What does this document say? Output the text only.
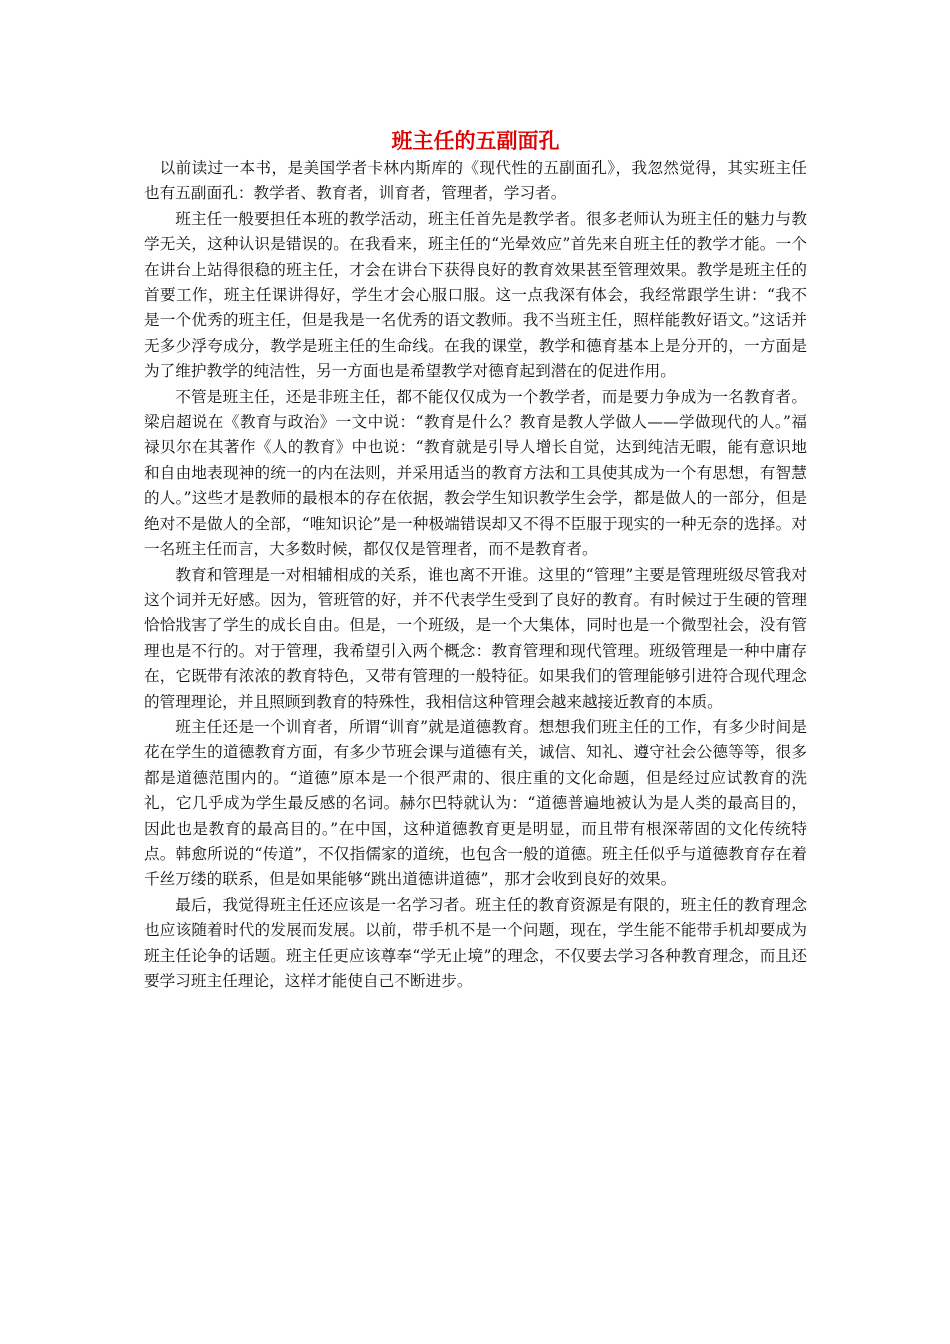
班主任的五副面孔

以前读过一本书，是美国学者卡林内斯库的《现代性的五副面孔》，我忽然觉得，其实班主任也有五副面孔：教学者、教育者，训育者，管理者，学习者。

班主任一般要担任本班的教学活动，班主任首先是教学者。很多老师认为班主任的魅力与教学无关，这种认识是错误的。在我看来，班主任的“光晕效应”首先来自班主任的教学才能。一个在讲台上站得很稳的班主任，才会在讲台下获得良好的教育效果甚至管理效果。教学是班主任的首要工作，班主任课讲得好，学生才会心服口服。这一点我深有体会，我经常跟学生讲：“我不是一个优秀的班主任，但是我是一名优秀的语文教师。我不当班主任，照样能教好语文。”这话并无多少浮夸成分，教学是班主任的生命线。在我的课堂，教学和德育基本上是分开的，一方面是为了维护教学的纯洁性，另一方面也是希望教学对德育起到潜在的促进作用。

不管是班主任，还是非班主任，都不能仅仅成为一个教学者，而是要力争成为一名教育者。梁启超说在《教育与政治》一文中说：“教育是什么？教育是教人学做人——学做现代的人。”福禄贝尔在其著作《人的教育》中也说：“教育就是引导人增长自觉，达到纯洁无暇，能有意识地和自由地表现神的统一的内在法则，并采用适当的教育方法和工具使其成为一个有思想，有智慧的人。”这些才是教师的最根本的存在依据，教会学生知识教学生会学，都是做人的一部分，但是绝对不是做人的全部，“唯知识论”是一种极端错误却又不得不臣服于现实的一种无奈的选择。对一名班主任而言，大多数时候，都仅仅是管理者，而不是教育者。

教育和管理是一对相辅相成的关系，谁也离不开谁。这里的“管理”主要是管理班级尽管我对这个词并无好感。因为，管班管的好，并不代表学生受到了良好的教育。有时候过于生硬的管理恰恰戕害了学生的成长自由。但是，一个班级，是一个大集体，同时也是一个微型社会，没有管理也是不行的。对于管理，我希望引入两个概念：教育管理和现代管理。班级管理是一种中庸存在，它既带有浓浓的教育特色，又带有管理的一般特征。如果我们的管理能够引进符合现代理念的管理理论，并且照顾到教育的特殊性，我相信这种管理会越来越接近教育的本质。

班主任还是一个训育者，所谓“训育”就是道德教育。想想我们班主任的工作，有多少时间是花在学生的道德教育方面，有多少节班会课与道德有关，诚信、知礼、遵守社会公德等等，很多都是道德范围内的。“道德”原本是一个很严肃的、很庄重的文化命题，但是经过应试教育的洗礼，它几乎成为学生最反感的名词。赫尔巴特就认为：“道德普遍地被认为是人类的最高目的，因此也是教育的最高目的。”在中国，这种道德教育更是明显，而且带有根深蒂固的文化传统特点。韩愈所说的“传道”，不仅指儒家的道统，也包含一般的道德。班主任似乎与道德教育存在着千丝万缕的联系，但是如果能够“跳出道德讲道德”，那才会收到良好的效果。

最后，我觉得班主任还应该是一名学习者。班主任的教育资源是有限的，班主任的教育理念也应该随着时代的发展而发展。以前，带手机不是一个问题，现在，学生能不能带手机却要成为班主任论争的话题。班主任更应该尊奉“学无止境”的理念，不仅要去学习各种教育理念，而且还要学习班主任理论，这样才能使自己不断进步。
